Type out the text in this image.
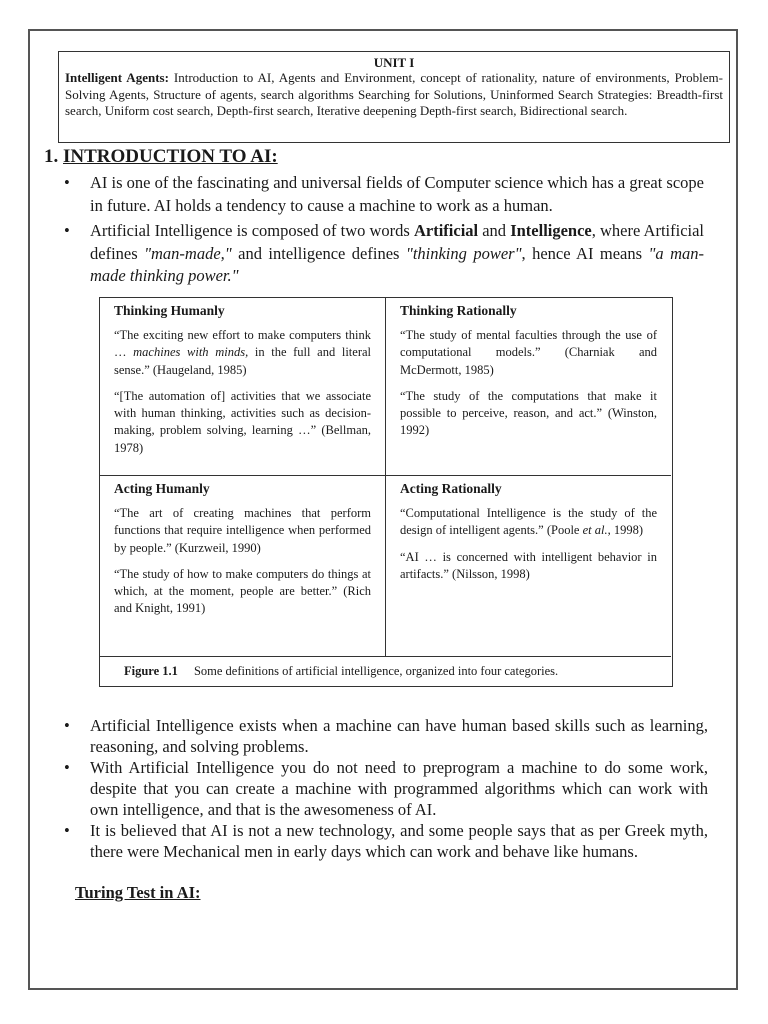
UNIT I
Intelligent Agents: Introduction to AI, Agents and Environment, concept of rationality, nature of environments, Problem-Solving Agents, Structure of agents, search algorithms Searching for Solutions, Uninformed Search Strategies: Breadth-first search, Uniform cost search, Depth-first search, Iterative deepening Depth-first search, Bidirectional search.
1. INTRODUCTION TO AI:
• AI is one of the fascinating and universal fields of Computer science which has a great scope in future. AI holds a tendency to cause a machine to work as a human.
• Artificial Intelligence is composed of two words Artificial and Intelligence, where Artificial defines "man-made," and intelligence defines "thinking power", hence AI means "a man-made thinking power."
Thinking Humanly

“The exciting new effort to make computers think … machines with minds, in the full and literal sense.” (Haugeland, 1985)

“[The automation of] activities that we associate with human thinking, activities such as decision-making, problem solving, learning …” (Bellman, 1978)

Thinking Rationally

“The study of mental faculties through the use of computational models.” (Charniak and McDermott, 1985)

“The study of the computations that make it possible to perceive, reason, and act.” (Winston, 1992)

Acting Humanly

“The art of creating machines that perform functions that require intelligence when performed by people.” (Kurzweil, 1990)

“The study of how to make computers do things at which, at the moment, people are better.” (Rich and Knight, 1991)

Acting Rationally

“Computational Intelligence is the study of the design of intelligent agents.” (Poole et al., 1998)

“AI … is concerned with intelligent behavior in artifacts.” (Nilsson, 1998)

Figure 1.1 Some definitions of artificial intelligence, organized into four categories.
• Artificial Intelligence exists when a machine can have human based skills such as learning, reasoning, and solving problems.
• With Artificial Intelligence you do not need to preprogram a machine to do some work, despite that you can create a machine with programmed algorithms which can work with own intelligence, and that is the awesomeness of AI.
• It is believed that AI is not a new technology, and some people says that as per Greek myth, there were Mechanical men in early days which can work and behave like humans.
Turing Test in AI:
